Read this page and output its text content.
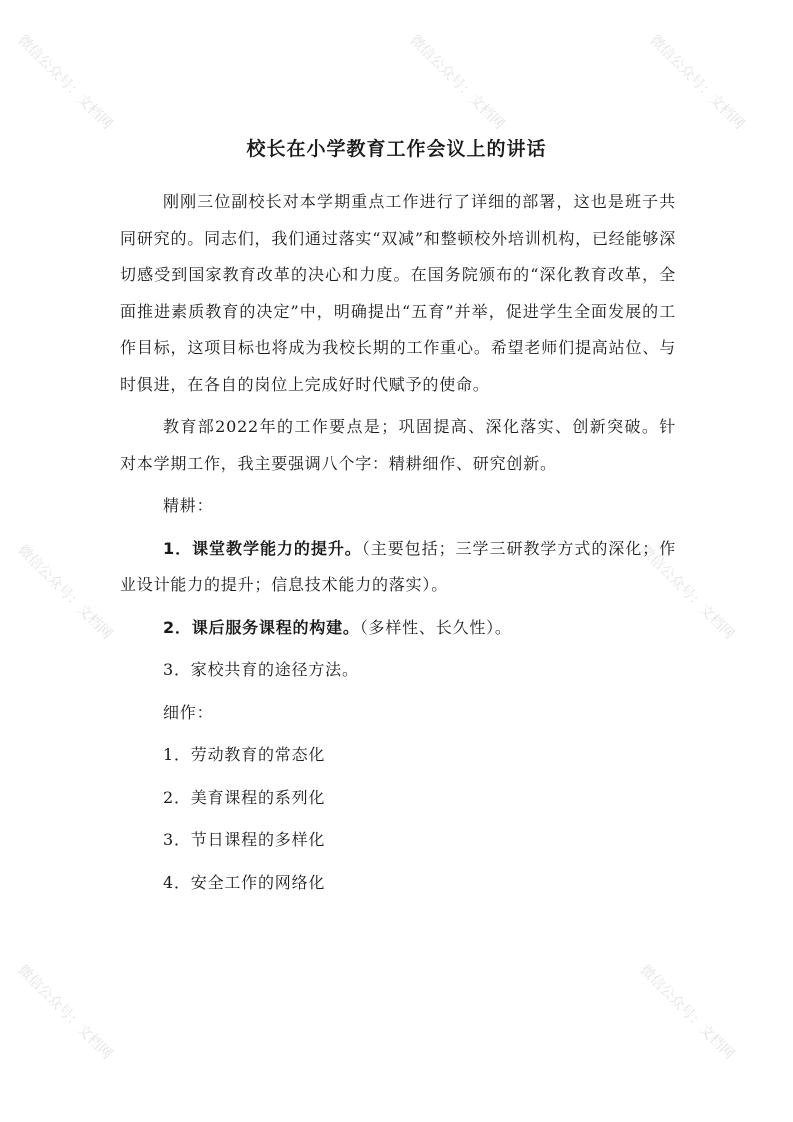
微信公众号：文档网	微信公众号：文档网	微信公众号：文档网
微信公众号：文档网	微信公众号：文档网
微信公众号：文档网	微信公众号：文档网
校长在小学教育工作会议上的讲话

刚刚三位副校长对本学期重点工作进行了详细的部署，这也是班子共同研究的。同志们，我们通过落实“双减”和整顿校外培训机构，已经能够深切感受到国家教育改革的决心和力度。在国务院颁布的“深化教育改革，全面推进素质教育的决定”中，明确提出“五育”并举，促进学生全面发展的工作目标，这项目标也将成为我校长期的工作重心。希望老师们提高站位、与时俱进，在各自的岗位上完成好时代赋予的使命。

教育部2022年的工作要点是；巩固提高、深化落实、创新突破。针对本学期工作，我主要强调八个字：精耕细作、研究创新。

精耕：

1．课堂教学能力的提升。（主要包括；三学三研教学方式的深化；作业设计能力的提升；信息技术能力的落实）。

2．课后服务课程的构建。（多样性、长久性）。

3．家校共育的途径方法。

细作：

1．劳动教育的常态化

2．美育课程的系列化

3．节日课程的多样化

4．安全工作的网络化
